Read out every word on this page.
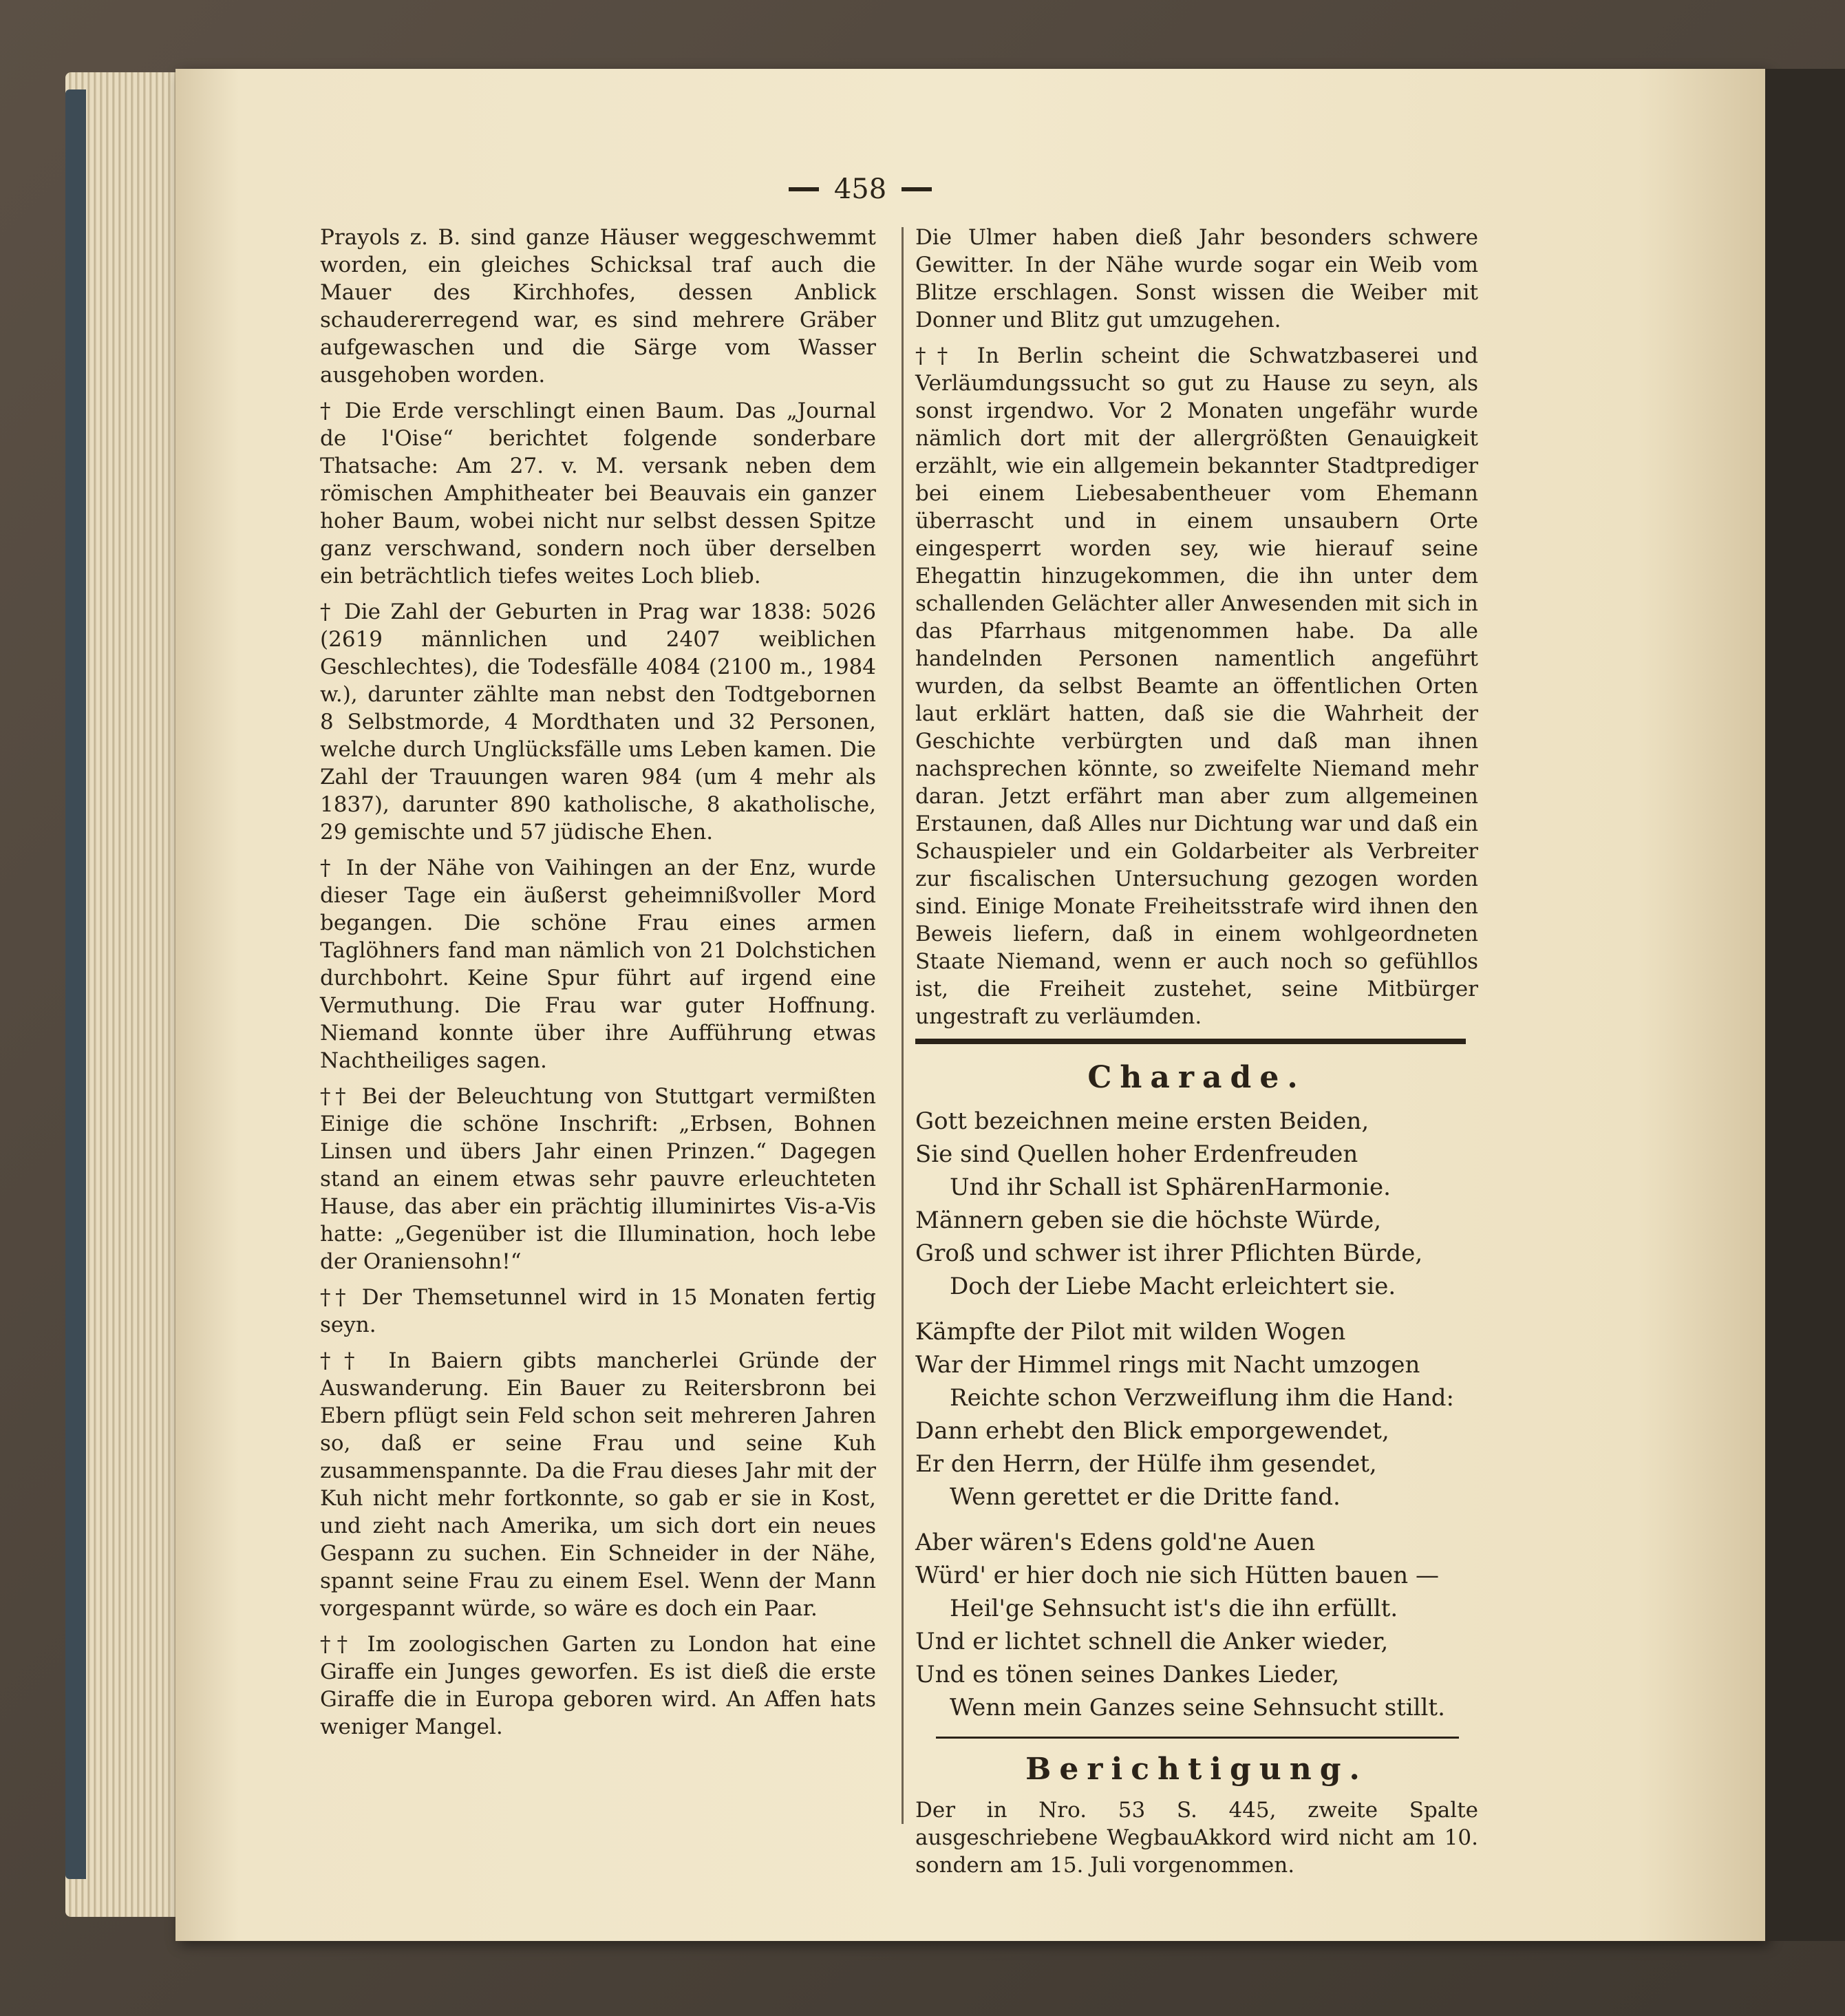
458

Prayols z. B. sind ganze Häuser weggeschwemmt worden, ein gleiches Schicksal traf auch die Mauer des Kirchhofes, dessen Anblick schaudererregend war, es sind mehrere Gräber aufgewaschen und die Särge vom Wasser ausgehoben worden.

† Die Erde verschlingt einen Baum. Das „Journal de l'Oise“ berichtet folgende sonderbare Thatsache: Am 27. v. M. versank neben dem römischen Amphitheater bei Beauvais ein ganzer hoher Baum, wobei nicht nur selbst dessen Spitze ganz verschwand, sondern noch über derselben ein beträchtlich tiefes weites Loch blieb.

† Die Zahl der Geburten in Prag war 1838: 5026 (2619 männlichen und 2407 weiblichen Geschlechtes), die Todesfälle 4084 (2100 m., 1984 w.), darunter zählte man nebst den Todtgebornen 8 Selbstmorde, 4 Mordthaten und 32 Personen, welche durch Unglücksfälle ums Leben kamen. Die Zahl der Trauungen waren 984 (um 4 mehr als 1837), darunter 890 katholische, 8 akatholische, 29 gemischte und 57 jüdische Ehen.

† In der Nähe von Vaihingen an der Enz, wurde dieser Tage ein äußerst geheimnißvoller Mord begangen. Die schöne Frau eines armen Taglöhners fand man nämlich von 21 Dolchstichen durchbohrt. Keine Spur führt auf irgend eine Vermuthung. Die Frau war guter Hoffnung. Niemand konnte über ihre Aufführung etwas Nachtheiliges sagen.

†† Bei der Beleuchtung von Stuttgart vermißten Einige die schöne Inschrift: „Erbsen, Bohnen Linsen und übers Jahr einen Prinzen.“ Dagegen stand an einem etwas sehr pauvre erleuchteten Hause, das aber ein prächtig illuminirtes Vis-a-Vis hatte: „Gegenüber ist die Illumination, hoch lebe der Oraniensohn!“

†† Der Themsetunnel wird in 15 Monaten fertig seyn.

†† In Baiern gibts mancherlei Gründe der Auswanderung. Ein Bauer zu Reitersbronn bei Ebern pflügt sein Feld schon seit mehreren Jahren so, daß er seine Frau und seine Kuh zusammenspannte. Da die Frau dieses Jahr mit der Kuh nicht mehr fortkonnte, so gab er sie in Kost, und zieht nach Amerika, um sich dort ein neues Gespann zu suchen. Ein Schneider in der Nähe, spannt seine Frau zu einem Esel. Wenn der Mann vorgespannt würde, so wäre es doch ein Paar.

†† Im zoologischen Garten zu London hat eine Giraffe ein Junges geworfen. Es ist dieß die erste Giraffe die in Europa geboren wird. An Affen hats weniger Mangel.

Die Ulmer haben dieß Jahr besonders schwere Gewitter. In der Nähe wurde sogar ein Weib vom Blitze erschlagen. Sonst wissen die Weiber mit Donner und Blitz gut umzugehen.

†† In Berlin scheint die Schwatzbaserei und Verläumdungssucht so gut zu Hause zu seyn, als sonst irgendwo. Vor 2 Monaten ungefähr wurde nämlich dort mit der allergrößten Genauigkeit erzählt, wie ein allgemein bekannter Stadtprediger bei einem Liebesabentheuer vom Ehemann überrascht und in einem unsaubern Orte eingesperrt worden sey, wie hierauf seine Ehegattin hinzugekommen, die ihn unter dem schallenden Gelächter aller Anwesenden mit sich in das Pfarrhaus mitgenommen habe. Da alle handelnden Personen namentlich angeführt wurden, da selbst Beamte an öffentlichen Orten laut erklärt hatten, daß sie die Wahrheit der Geschichte verbürgten und daß man ihnen nachsprechen könnte, so zweifelte Niemand mehr daran. Jetzt erfährt man aber zum allgemeinen Erstaunen, daß Alles nur Dichtung war und daß ein Schauspieler und ein Goldarbeiter als Verbreiter zur fiscalischen Untersuchung gezogen worden sind. Einige Monate Freiheitsstrafe wird ihnen den Beweis liefern, daß in einem wohlgeordneten Staate Niemand, wenn er auch noch so gefühllos ist, die Freiheit zustehet, seine Mitbürger ungestraft zu verläumden.

Charade.
Gott bezeichnen meine ersten Beiden,
Sie sind Quellen hoher Erdenfreuden
Und ihr Schall ist SphärenHarmonie.
Männern geben sie die höchste Würde,
Groß und schwer ist ihrer Pflichten Bürde,
Doch der Liebe Macht erleichtert sie.
Kämpfte der Pilot mit wilden Wogen
War der Himmel rings mit Nacht umzogen
Reichte schon Verzweiflung ihm die Hand:
Dann erhebt den Blick emporgewendet,
Er den Herrn, der Hülfe ihm gesendet,
Wenn gerettet er die Dritte fand.
Aber wären's Edens gold'ne Auen
Würd' er hier doch nie sich Hütten bauen —
Heil'ge Sehnsucht ist's die ihn erfüllt.
Und er lichtet schnell die Anker wieder,
Und es tönen seines Dankes Lieder,
Wenn mein Ganzes seine Sehnsucht stillt.
Berichtigung.

Der in Nro. 53 S. 445, zweite Spalte ausgeschriebene WegbauAkkord wird nicht am 10. sondern am 15. Juli vorgenommen.
